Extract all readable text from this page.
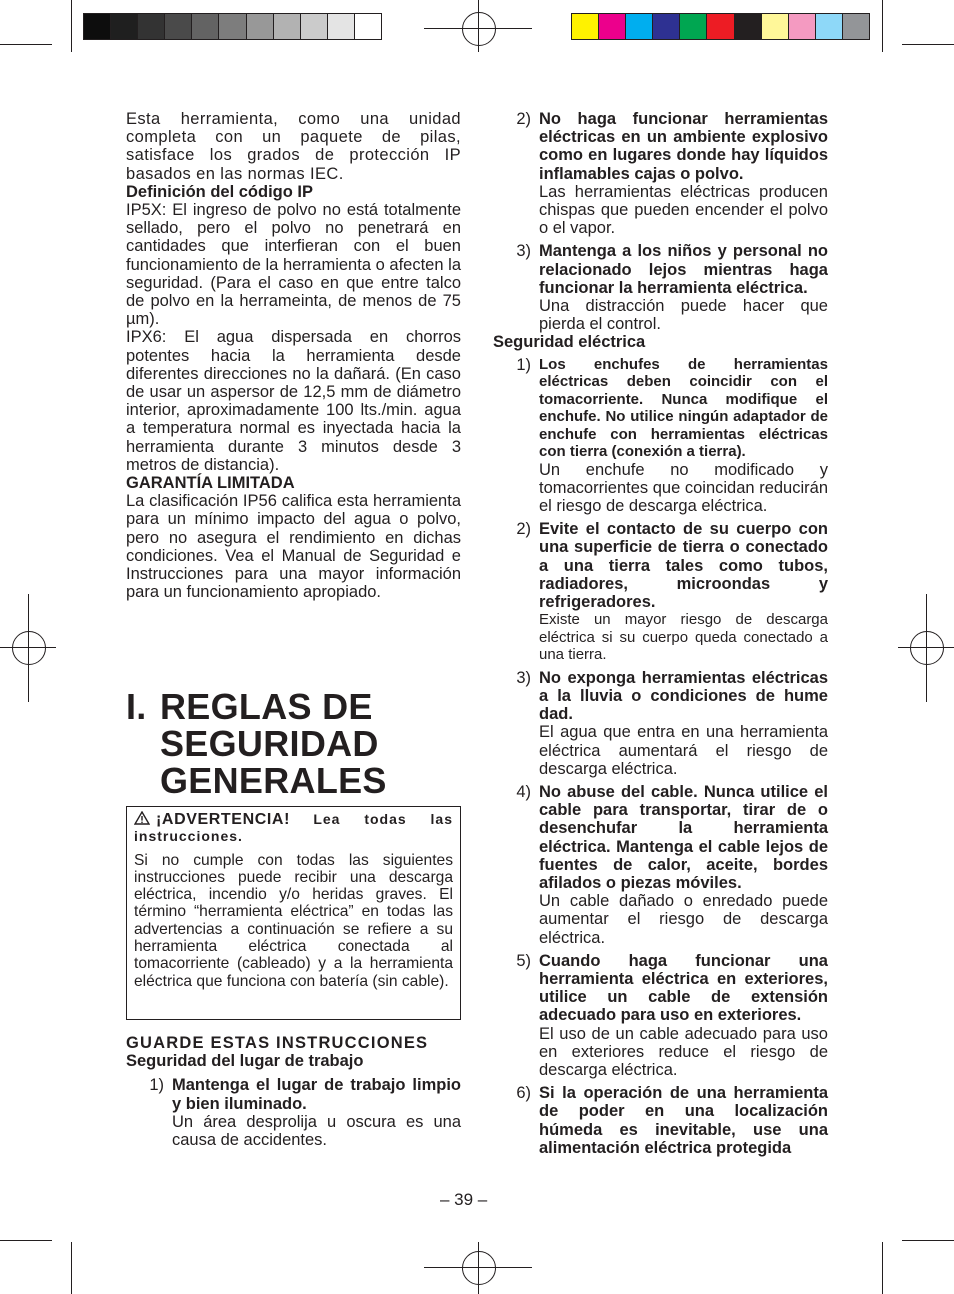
Esta herramienta, como una unidad completa con un paquete de pilas, satisface los grados de protección IP basados en las normas IEC.

Definición del código IP

IP5X: El ingreso de polvo no está totalmente sellado, pero el polvo no penetrará en cantidades que interfieran con el buen funcionamiento de la herramienta o afecten la seguridad. (Para el caso en que entre talco de polvo en la herrameinta, de menos de 75 µm).

IPX6: El agua dispersada en chorros potentes hacia la herramienta desde diferentes direcciones no la dañará. (En caso de usar un aspersor de 12,5 mm de diámetro interior, aproximadamente 100 lts./min. agua a temperatura normal es inyectada hacia la herramienta durante 3 minutos desde 3 metros de distancia).

GARANTÍA LIMITADA

La clasificación IP56 califica esta herramienta para un mínimo impacto del agua o polvo, pero no asegura el rendimiento en dichas condiciones. Vea el Manual de Seguridad e Instrucciones para una mayor información para un funcionamiento apropiado.

I. REGLAS DE
SEGURIDAD
GENERALES
¡ADVERTENCIA! Lea todas las instrucciones.
Si no cumple con todas las siguientes instrucciones puede recibir una descarga eléctrica, incendio y/o heridas graves. El término “herramienta eléctrica” en todas las advertencias a continuación se refiere a su herramienta eléctrica conectada al tomacorriente (cableado) y a la herramienta eléctrica que funciona con batería (sin cable).

GUARDE ESTAS INSTRUCCIONES

Seguridad del lugar de trabajo

1) Mantenga el lugar de trabajo limpio y bien iluminado.

Un área desprolija u oscura es una causa de accidentes.

2) No haga funcionar herramientas eléctricas en un ambiente explosivo como en lugares donde hay líquidos inflamables cajas o polvo.

Las herramientas eléctricas producen chispas que pueden encender el polvo o el vapor.

3) Mantenga a los niños y personal no relacionado lejos mientras haga funcionar la herramienta eléctrica.

Una distracción puede hacer que pierda el control.

Seguridad eléctrica

1) Los enchufes de herramientas eléctricas deben coincidir con el tomacorriente. Nunca modifique el enchufe. No utilice ningún adaptador de enchufe con herramientas eléctricas con tierra (conexión a tierra).

Un enchufe no modificado y tomacorrientes que coincidan reducirán el riesgo de descarga eléctrica.

2) Evite el contacto de su cuerpo con una superficie de tierra o conectado a una tierra tales como tubos, radiadores, microondas y refrigeradores.

Existe un mayor riesgo de descarga eléctrica si su cuerpo queda conectado a una tierra.

3) No exponga herramientas eléctricas a la lluvia o condiciones de hume dad.

El agua que entra en una herramienta eléctrica aumentará el riesgo de descarga eléctrica.

4) No abuse del cable. Nunca utilice el cable para transportar, tirar de o desenchufar la herramienta eléctrica. Mantenga el cable lejos de fuentes de calor, aceite, bordes afilados o piezas móviles.

Un cable dañado o enredado puede aumentar el riesgo de descarga eléctrica.

5) Cuando haga funcionar una herramienta eléctrica en exteriores, utilice un cable de extensión adecuado para uso en exteriores.

El uso de un cable adecuado para uso en exteriores reduce el riesgo de descarga eléctrica.

6) Si la operación de una herramienta de poder en una localización húmeda es inevitable, use una alimentación eléctrica protegida

– 39 –
